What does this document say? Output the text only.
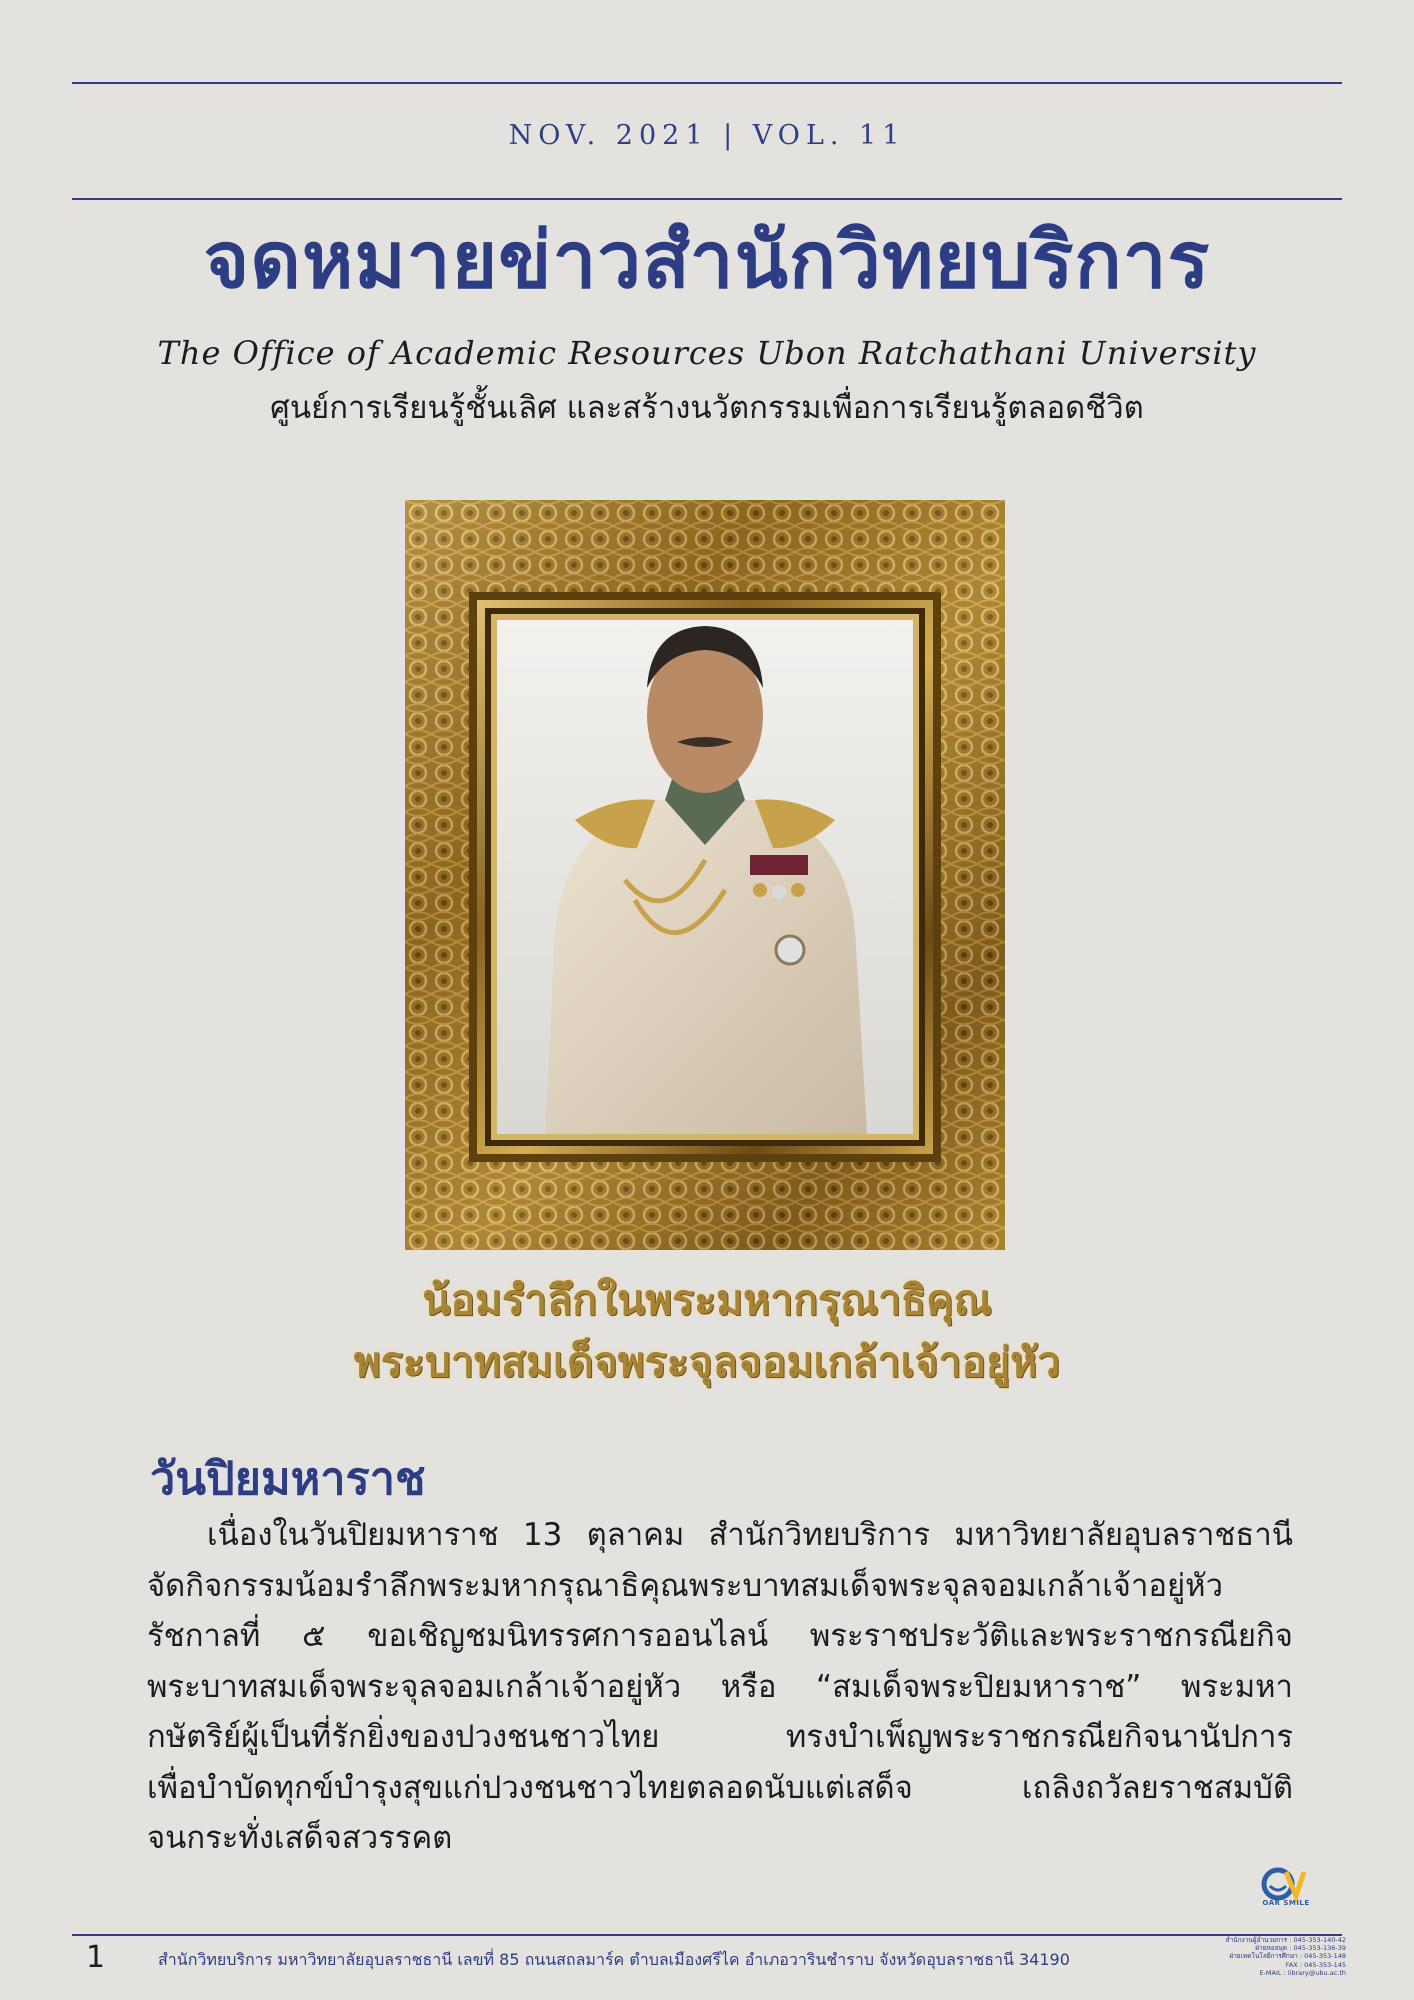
NOV. 2021 | VOL. 11
จดหมายข่าวสำนักวิทยบริการ
The Office of Academic Resources Ubon Ratchathani University
ศูนย์การเรียนรู้ชั้นเลิศ และสร้างนวัตกรรมเพื่อการเรียนรู้ตลอดชีวิต
น้อมรำลึกในพระมหากรุณาธิคุณ
พระบาทสมเด็จพระจุลจอมเกล้าเจ้าอยู่หัว
วันปิยมหาราช
เนื่องในวันปิยมหาราช 13 ตุลาคม สำนักวิทยบริการ มหาวิทยาลัยอุบลราชธานี
จัดกิจกรรมน้อมรำลึกพระมหากรุณาธิคุณพระบาทสมเด็จพระจุลจอมเกล้าเจ้าอยู่หัว
รัชกาลที่ ๕ ขอเชิญชมนิทรรศการออนไลน์ พระราชประวัติและพระราชกรณียกิจ
พระบาทสมเด็จพระจุลจอมเกล้าเจ้าอยู่หัว หรือ “สมเด็จพระปิยมหาราช” พระมหา
กษัตริย์ผู้เป็นที่รักยิ่งของปวงชนชาวไทย	ทรงบำเพ็ญพระราชกรณียกิจนานัปการ
เพื่อบำบัดทุกข์บำรุงสุขแก่ปวงชนชาวไทยตลอดนับแต่เสด็จ	เถลิงถวัลยราชสมบัติ
จนกระทั่งเสด็จสวรรคต
OAR SMILE
1	สำนักวิทยบริการ มหาวิทยาลัยอุบลราชธานี เลขที่ 85 ถนนสถลมาร์ค ตำบลเมืองศรีไค อำเภอวารินชำราบ จังหวัดอุบลราชธานี 34190
สำนักงานผู้อำนวยการ : 045-353-140-42
ฝ่ายหอสมุด : 045-353-136-39
ฝ่ายเทคโนโลยีการศึกษา : 045-353-148
FAX : 045-353-145
E-MAIL : library@ubu.ac.th
